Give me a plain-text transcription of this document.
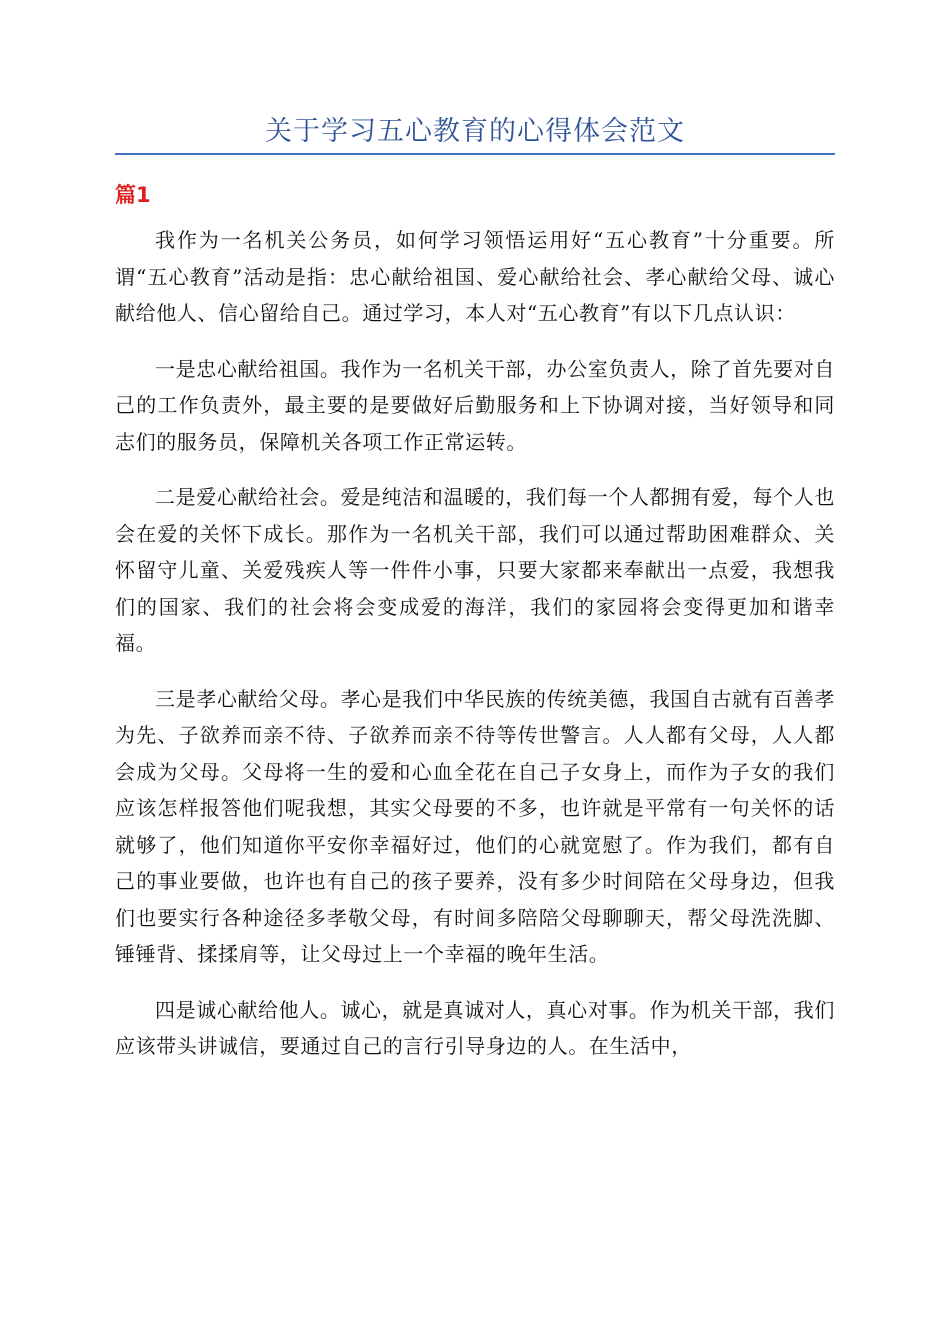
关于学习五心教育的心得体会范文
篇1

我作为一名机关公务员，如何学习领悟运用好“五心教育”十分重要。所谓“五心教育”活动是指：忠心献给祖国、爱心献给社会、孝心献给父母、诚心献给他人、信心留给自己。通过学习，本人对“五心教育”有以下几点认识：

一是忠心献给祖国。我作为一名机关干部，办公室负责人，除了首先要对自己的工作负责外，最主要的是要做好后勤服务和上下协调对接，当好领导和同志们的服务员，保障机关各项工作正常运转。

二是爱心献给社会。爱是纯洁和温暖的，我们每一个人都拥有爱，每个人也会在爱的关怀下成长。那作为一名机关干部，我们可以通过帮助困难群众、关怀留守儿童、关爱残疾人等一件件小事，只要大家都来奉献出一点爱，我想我们的国家、我们的社会将会变成爱的海洋，我们的家园将会变得更加和谐幸福。

三是孝心献给父母。孝心是我们中华民族的传统美德，我国自古就有百善孝为先、子欲养而亲不待、子欲养而亲不待等传世警言。人人都有父母，人人都会成为父母。父母将一生的爱和心血全花在自己子女身上，而作为子女的我们应该怎样报答他们呢我想，其实父母要的不多，也许就是平常有一句关怀的话就够了，他们知道你平安你幸福好过，他们的心就宽慰了。作为我们，都有自己的事业要做，也许也有自己的孩子要养，没有多少时间陪在父母身边，但我们也要实行各种途径多孝敬父母，有时间多陪陪父母聊聊天，帮父母洗洗脚、锤锤背、揉揉肩等，让父母过上一个幸福的晚年生活。

四是诚心献给他人。诚心，就是真诚对人，真心对事。作为机关干部，我们应该带头讲诚信，要通过自己的言行引导身边的人。在生活中，
